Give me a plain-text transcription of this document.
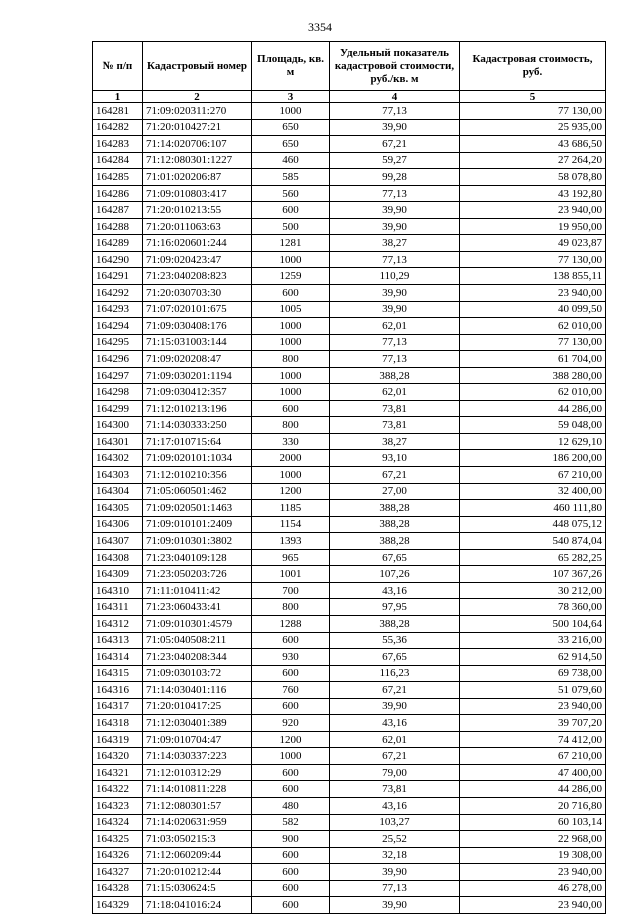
3354
№ п/п	Кадастровый номер	Площадь, кв. м	Удельный показатель кадастровой стоимости, руб./кв. м	Кадастровая стоимость, руб.
1	2	3	4	5
164281	71:09:020311:270	1000	77,13	77 130,00
164282	71:20:010427:21	650	39,90	25 935,00
164283	71:14:020706:107	650	67,21	43 686,50
164284	71:12:080301:1227	460	59,27	27 264,20
164285	71:01:020206:87	585	99,28	58 078,80
164286	71:09:010803:417	560	77,13	43 192,80
164287	71:20:010213:55	600	39,90	23 940,00
164288	71:20:011063:63	500	39,90	19 950,00
164289	71:16:020601:244	1281	38,27	49 023,87
164290	71:09:020423:47	1000	77,13	77 130,00
164291	71:23:040208:823	1259	110,29	138 855,11
164292	71:20:030703:30	600	39,90	23 940,00
164293	71:07:020101:675	1005	39,90	40 099,50
164294	71:09:030408:176	1000	62,01	62 010,00
164295	71:15:031003:144	1000	77,13	77 130,00
164296	71:09:020208:47	800	77,13	61 704,00
164297	71:09:030201:1194	1000	388,28	388 280,00
164298	71:09:030412:357	1000	62,01	62 010,00
164299	71:12:010213:196	600	73,81	44 286,00
164300	71:14:030333:250	800	73,81	59 048,00
164301	71:17:010715:64	330	38,27	12 629,10
164302	71:09:020101:1034	2000	93,10	186 200,00
164303	71:12:010210:356	1000	67,21	67 210,00
164304	71:05:060501:462	1200	27,00	32 400,00
164305	71:09:020501:1463	1185	388,28	460 111,80
164306	71:09:010101:2409	1154	388,28	448 075,12
164307	71:09:010301:3802	1393	388,28	540 874,04
164308	71:23:040109:128	965	67,65	65 282,25
164309	71:23:050203:726	1001	107,26	107 367,26
164310	71:11:010411:42	700	43,16	30 212,00
164311	71:23:060433:41	800	97,95	78 360,00
164312	71:09:010301:4579	1288	388,28	500 104,64
164313	71:05:040508:211	600	55,36	33 216,00
164314	71:23:040208:344	930	67,65	62 914,50
164315	71:09:030103:72	600	116,23	69 738,00
164316	71:14:030401:116	760	67,21	51 079,60
164317	71:20:010417:25	600	39,90	23 940,00
164318	71:12:030401:389	920	43,16	39 707,20
164319	71:09:010704:47	1200	62,01	74 412,00
164320	71:14:030337:223	1000	67,21	67 210,00
164321	71:12:010312:29	600	79,00	47 400,00
164322	71:14:010811:228	600	73,81	44 286,00
164323	71:12:080301:57	480	43,16	20 716,80
164324	71:14:020631:959	582	103,27	60 103,14
164325	71:03:050215:3	900	25,52	22 968,00
164326	71:12:060209:44	600	32,18	19 308,00
164327	71:20:010212:44	600	39,90	23 940,00
164328	71:15:030624:5	600	77,13	46 278,00
164329	71:18:041016:24	600	39,90	23 940,00
